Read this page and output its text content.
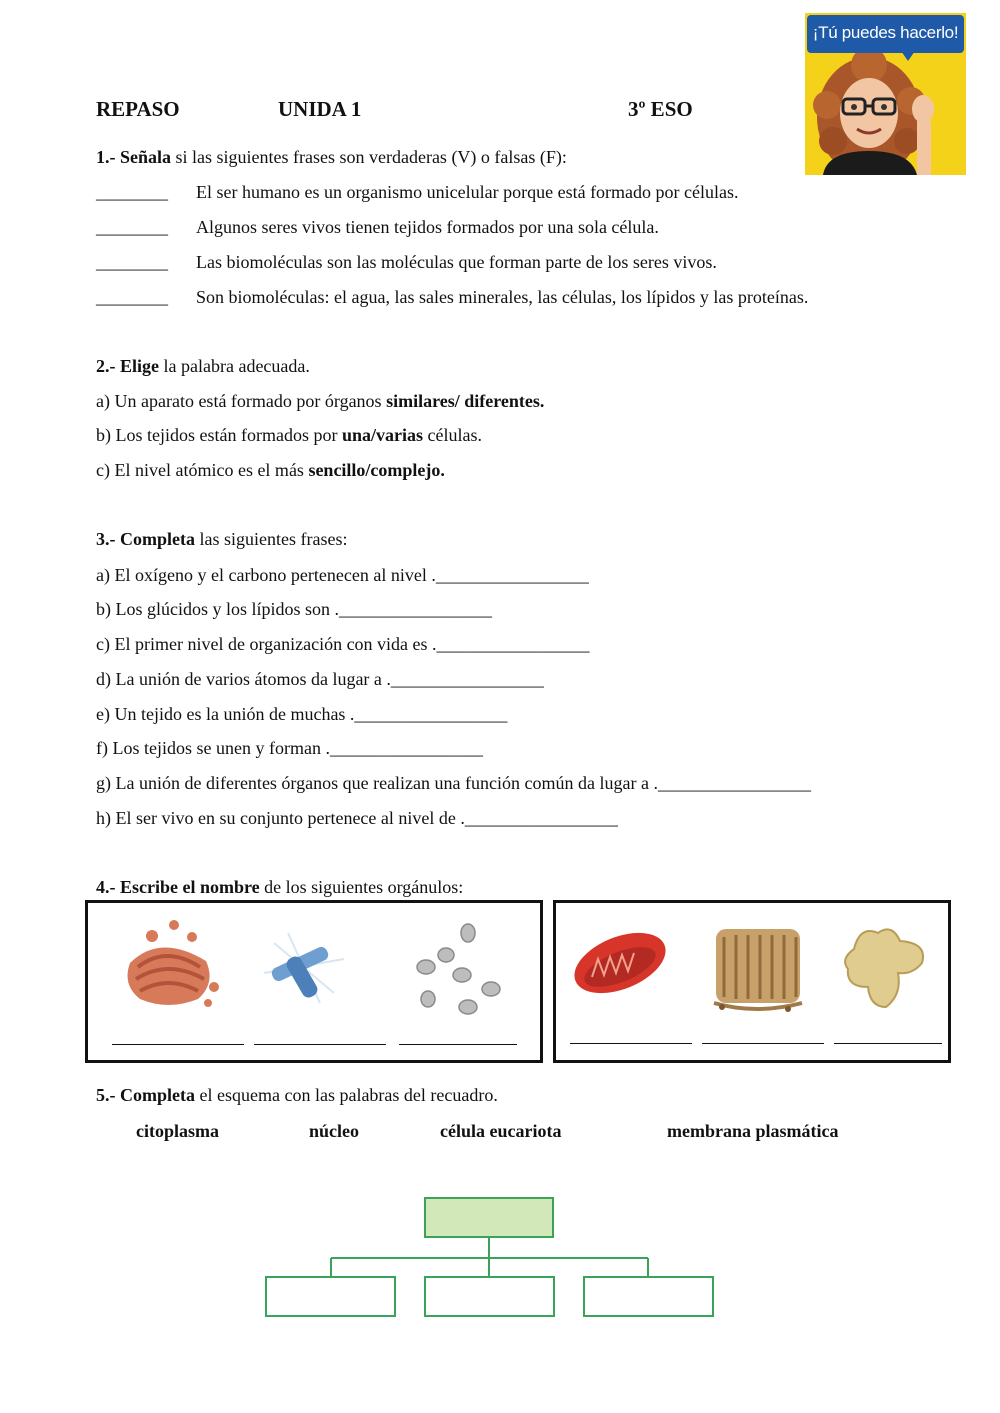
REPASO	UNIDA 1	3º ESO
¡Tú puedes hacerlo!
1.- Señala si las siguientes frases son verdaderas (V) o falsas (F):
________ El ser humano es un organismo unicelular porque está formado por células.
________ Algunos seres vivos tienen tejidos formados por una sola célula.
________ Las biomoléculas son las moléculas que forman parte de los seres vivos.
________ Son biomoléculas: el agua, las sales minerales, las células, los lípidos y las proteínas.
2.- Elige la palabra adecuada.
a) Un aparato está formado por órganos similares/ diferentes.
b) Los tejidos están formados por una/varias células.
c) El nivel atómico es el más sencillo/complejo.
3.- Completa las siguientes frases:
a) El oxígeno y el carbono pertenecen al nivel ._________________
b) Los glúcidos y los lípidos son ._________________
c) El primer nivel de organización con vida es ._________________
d) La unión de varios átomos da lugar a ._________________
e) Un tejido es la unión de muchas ._________________
f) Los tejidos se unen y forman ._________________
g) La unión de diferentes órganos que realizan una función común da lugar a ._________________
h) El ser vivo en su conjunto pertenece al nivel de ._________________
4.- Escribe el nombre de los siguientes orgánulos:
5.- Completa el esquema con las palabras del recuadro.
citoplasma	núcleo	célula eucariota	membrana plasmática
